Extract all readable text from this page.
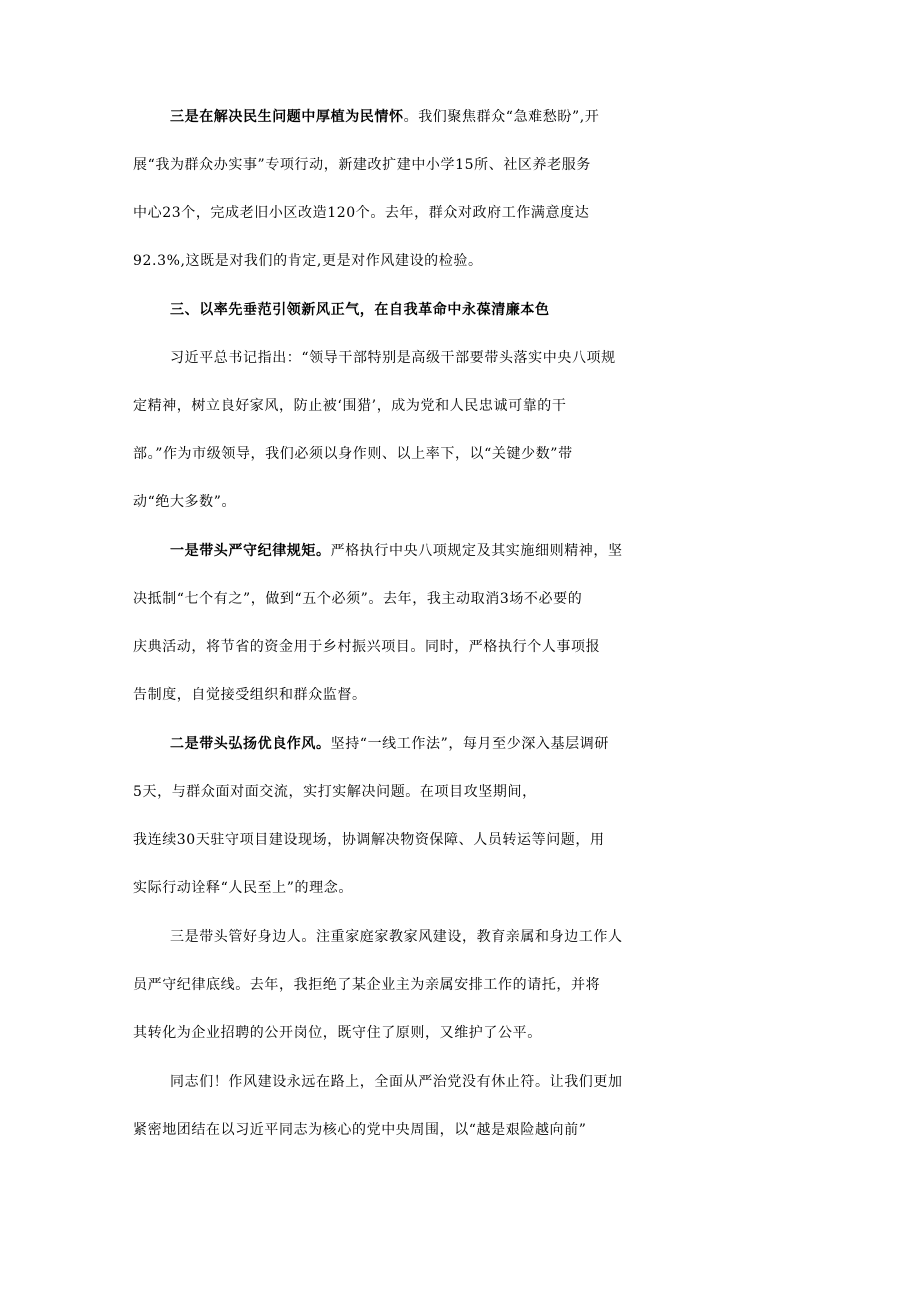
三是在解决民生问题中厚植为民情怀。我们聚焦群众“急难愁盼”,开
展“我为群众办实事”专项行动，新建改扩建中小学15所、社区养老服务
中心23个，完成老旧小区改造120个。去年，群众对政府工作满意度达
92.3%,这既是对我们的肯定,更是对作风建设的检验。
三、以率先垂范引领新风正气，在自我革命中永葆清廉本色
习近平总书记指出：“领导干部特别是高级干部要带头落实中央八项规
定精神，树立良好家风，防止被‘围猎’，成为党和人民忠诚可靠的干
部。”作为市级领导，我们必须以身作则、以上率下，以“关键少数”带
动“绝大多数”。
一是带头严守纪律规矩。严格执行中央八项规定及其实施细则精神，坚
决抵制“七个有之”，做到“五个必须”。去年，我主动取消3场不必要的
庆典活动，将节省的资金用于乡村振兴项目。同时，严格执行个人事项报
告制度，自觉接受组织和群众监督。
二是带头弘扬优良作风。坚持“一线工作法”，每月至少深入基层调研
5天，与群众面对面交流，实打实解决问题。在项目攻坚期间，
我连续30天驻守项目建设现场，协调解决物资保障、人员转运等问题，用
实际行动诠释“人民至上”的理念。
三是带头管好身边人。注重家庭家教家风建设，教育亲属和身边工作人
员严守纪律底线。去年，我拒绝了某企业主为亲属安排工作的请托，并将
其转化为企业招聘的公开岗位，既守住了原则，又维护了公平。
同志们！作风建设永远在路上，全面从严治党没有休止符。让我们更加
紧密地团结在以习近平同志为核心的党中央周围，以“越是艰险越向前”
